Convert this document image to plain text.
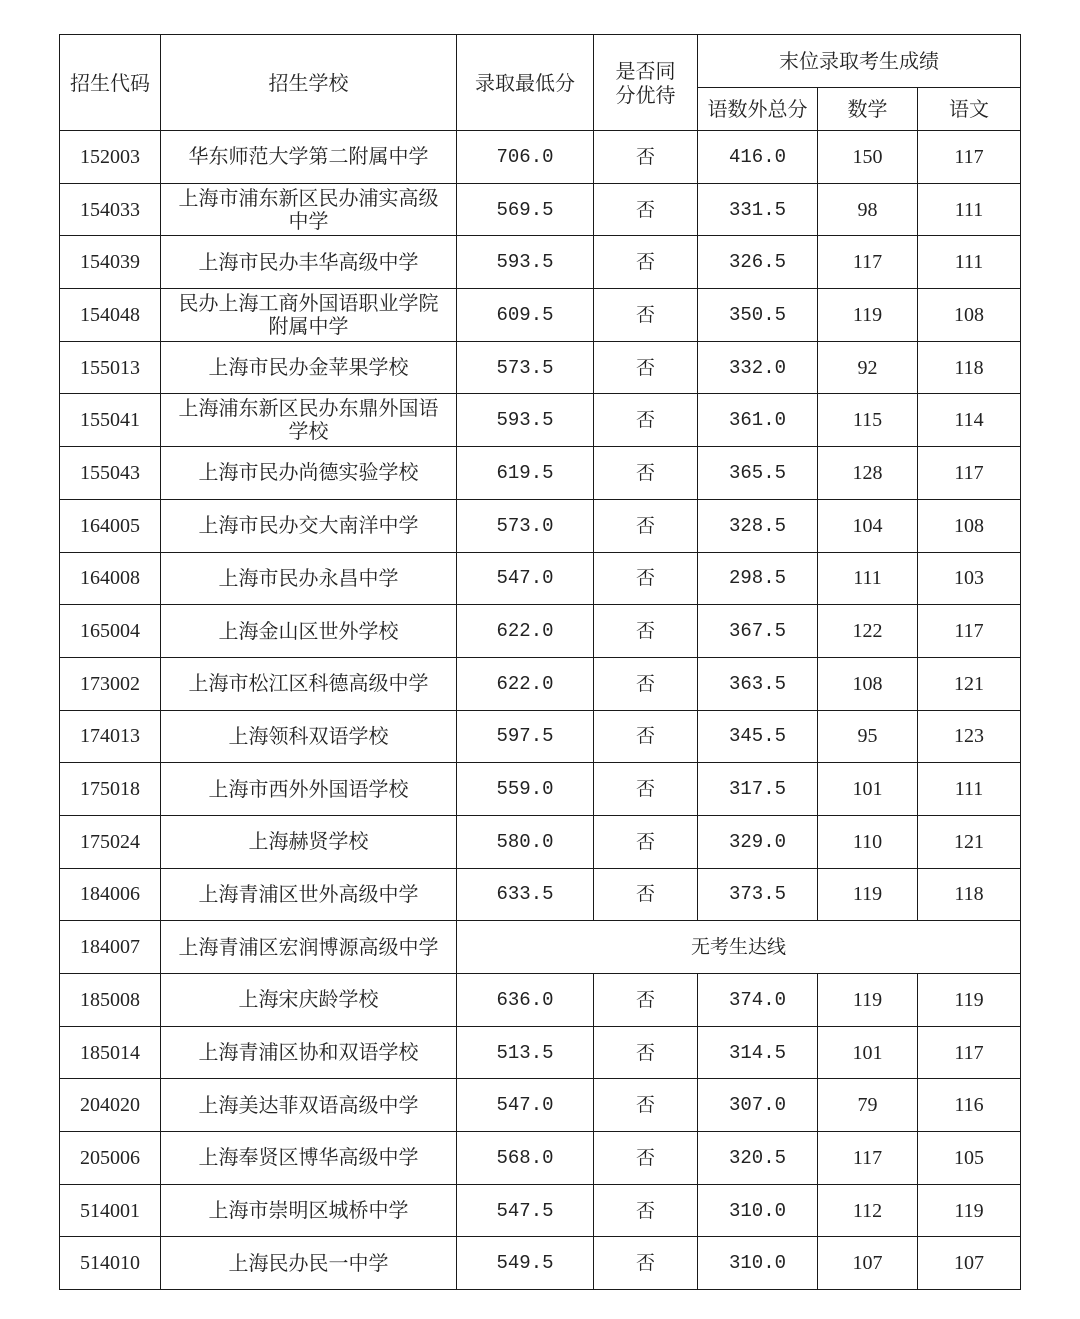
招生代码	招生学校	录取最低分	是否同分优待	末位录取考生成绩		
				语数外总分	数学	语文
152003	华东师范大学第二附属中学	706.0	否	416.0	150	117
154033	上海市浦东新区民办浦实高级中学	569.5	否	331.5	98	111
154039	上海市民办丰华高级中学	593.5	否	326.5	117	111
154048	民办上海工商外国语职业学院附属中学	609.5	否	350.5	119	108
155013	上海市民办金苹果学校	573.5	否	332.0	92	118
155041	上海浦东新区民办东鼎外国语学校	593.5	否	361.0	115	114
155043	上海市民办尚德实验学校	619.5	否	365.5	128	117
164005	上海市民办交大南洋中学	573.0	否	328.5	104	108
164008	上海市民办永昌中学	547.0	否	298.5	111	103
165004	上海金山区世外学校	622.0	否	367.5	122	117
173002	上海市松江区科德高级中学	622.0	否	363.5	108	121
174013	上海领科双语学校	597.5	否	345.5	95	123
175018	上海市西外外国语学校	559.0	否	317.5	101	111
175024	上海赫贤学校	580.0	否	329.0	110	121
184006	上海青浦区世外高级中学	633.5	否	373.5	119	118
184007	上海青浦区宏润博源高级中学	无考生达线				
185008	上海宋庆龄学校	636.0	否	374.0	119	119
185014	上海青浦区协和双语学校	513.5	否	314.5	101	117
204020	上海美达菲双语高级中学	547.0	否	307.0	79	116
205006	上海奉贤区博华高级中学	568.0	否	320.5	117	105
514001	上海市崇明区城桥中学	547.5	否	310.0	112	119
514010	上海民办民一中学	549.5	否	310.0	107	107
